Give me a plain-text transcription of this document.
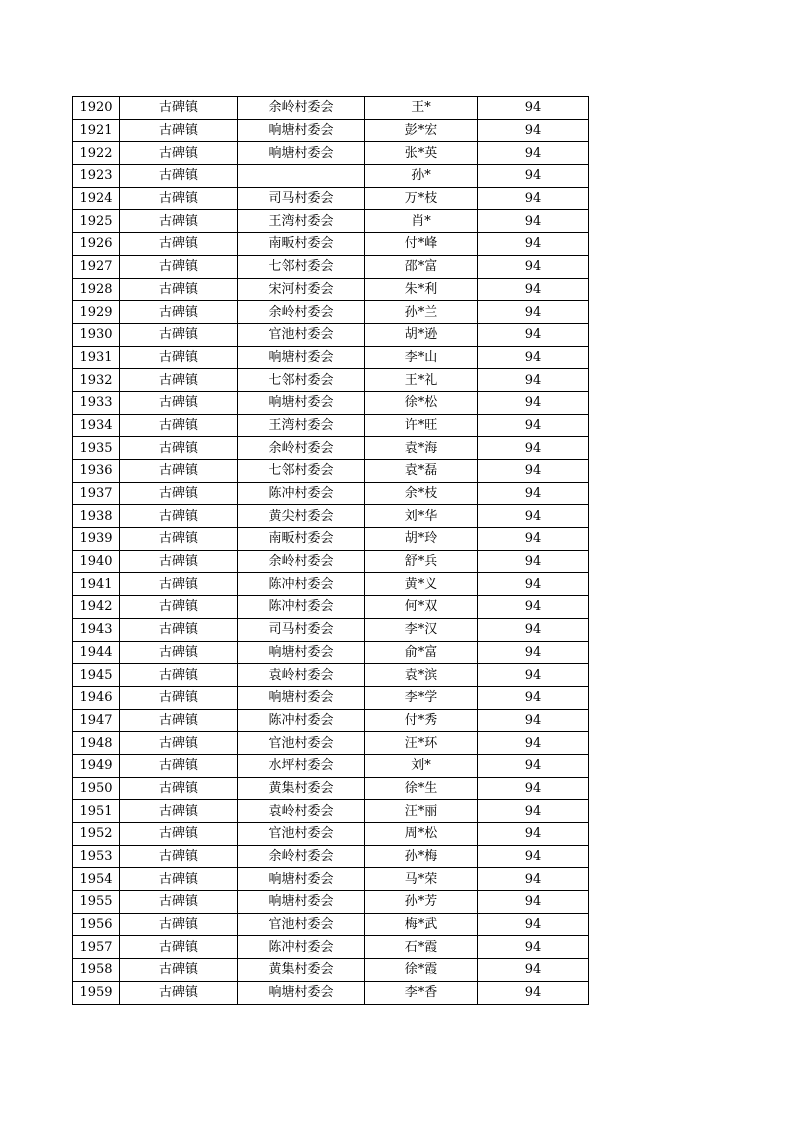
1920	古碑镇	余岭村委会	王*	94
1921	古碑镇	响塘村委会	彭*宏	94
1922	古碑镇	响塘村委会	张*英	94
1923	古碑镇		孙*	94
1924	古碑镇	司马村委会	万*枝	94
1925	古碑镇	王湾村委会	肖*	94
1926	古碑镇	南畈村委会	付*峰	94
1927	古碑镇	七邻村委会	邵*富	94
1928	古碑镇	宋河村委会	朱*利	94
1929	古碑镇	余岭村委会	孙*兰	94
1930	古碑镇	官池村委会	胡*逊	94
1931	古碑镇	响塘村委会	李*山	94
1932	古碑镇	七邻村委会	王*礼	94
1933	古碑镇	响塘村委会	徐*松	94
1934	古碑镇	王湾村委会	许*旺	94
1935	古碑镇	余岭村委会	袁*海	94
1936	古碑镇	七邻村委会	袁*磊	94
1937	古碑镇	陈冲村委会	余*枝	94
1938	古碑镇	黄尖村委会	刘*华	94
1939	古碑镇	南畈村委会	胡*玲	94
1940	古碑镇	余岭村委会	舒*兵	94
1941	古碑镇	陈冲村委会	黄*义	94
1942	古碑镇	陈冲村委会	何*双	94
1943	古碑镇	司马村委会	李*汉	94
1944	古碑镇	响塘村委会	俞*富	94
1945	古碑镇	袁岭村委会	袁*滨	94
1946	古碑镇	响塘村委会	李*学	94
1947	古碑镇	陈冲村委会	付*秀	94
1948	古碑镇	官池村委会	汪*环	94
1949	古碑镇	水坪村委会	刘*	94
1950	古碑镇	黄集村委会	徐*生	94
1951	古碑镇	袁岭村委会	汪*丽	94
1952	古碑镇	官池村委会	周*松	94
1953	古碑镇	余岭村委会	孙*梅	94
1954	古碑镇	响塘村委会	马*荣	94
1955	古碑镇	响塘村委会	孙*芳	94
1956	古碑镇	官池村委会	梅*武	94
1957	古碑镇	陈冲村委会	石*霞	94
1958	古碑镇	黄集村委会	徐*霞	94
1959	古碑镇	响塘村委会	李*香	94
